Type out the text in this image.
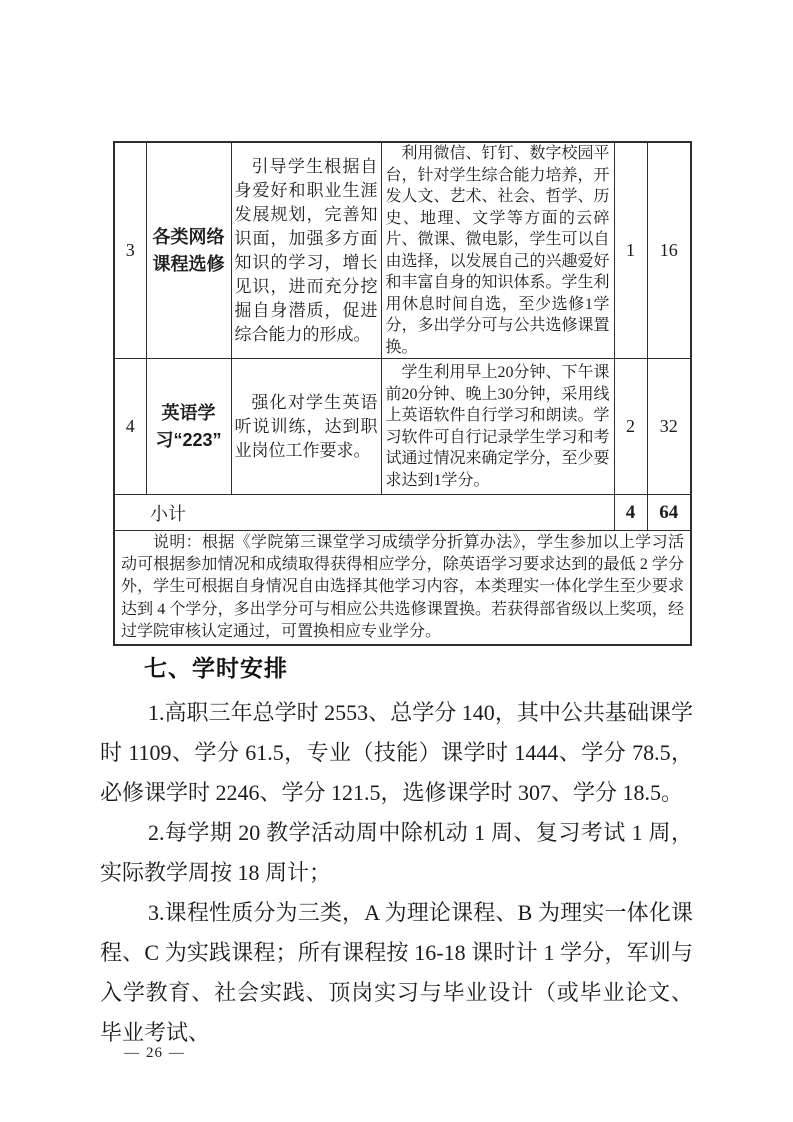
3	各类网络课程选修	引导学生根据自身爱好和职业生涯发展规划，完善知识面，加强多方面知识的学习，增长见识，进而充分挖掘自身潜质，促进综合能力的形成。	利用微信、钉钉、数字校园平台，针对学生综合能力培养，开发人文、艺术、社会、哲学、历史、地理、文学等方面的云碎片、微课、微电影，学生可以自由选择，以发展自己的兴趣爱好和丰富自身的知识体系。学生利用休息时间自选，至少选修1学分，多出学分可与公共选修课置换。	1	16
4	英语学习“223”	强化对学生英语听说训练，达到职业岗位工作要求。	学生利用早上20分钟、下午课前20分钟、晚上30分钟，采用线上英语软件自行学习和朗读。学习软件可自行记录学生学习和考试通过情况来确定学分，至少要求达到1学分。	2	32
小计				4	64
说明：根据《学院第三课堂学习成绩学分折算办法》，学生参加以上学习活动可根据参加情况和成绩取得获得相应学分，除英语学习要求达到的最低 2 学分外，学生可根据自身情况自由选择其他学习内容，本类理实一体化学生至少要求达到 4 个学分，多出学分可与相应公共选修课置换。若获得部省级以上奖项，经过学院审核认定通过，可置换相应专业学分。					
七、学时安排

1.高职三年总学时 2553、总学分 140，其中公共基础课学时 1109、学分 61.5，专业（技能）课学时 1444、学分 78.5，必修课学时 2246、学分 121.5，选修课学时 307、学分 18.5。

2.每学期 20 教学活动周中除机动 1 周、复习考试 1 周，实际教学周按 18 周计；

3.课程性质分为三类，A 为理论课程、B 为理实一体化课程、C 为实践课程；所有课程按 16-18 课时计 1 学分，军训与入学教育、社会实践、顶岗实习与毕业设计（或毕业论文、毕业考试、

— 26 —
